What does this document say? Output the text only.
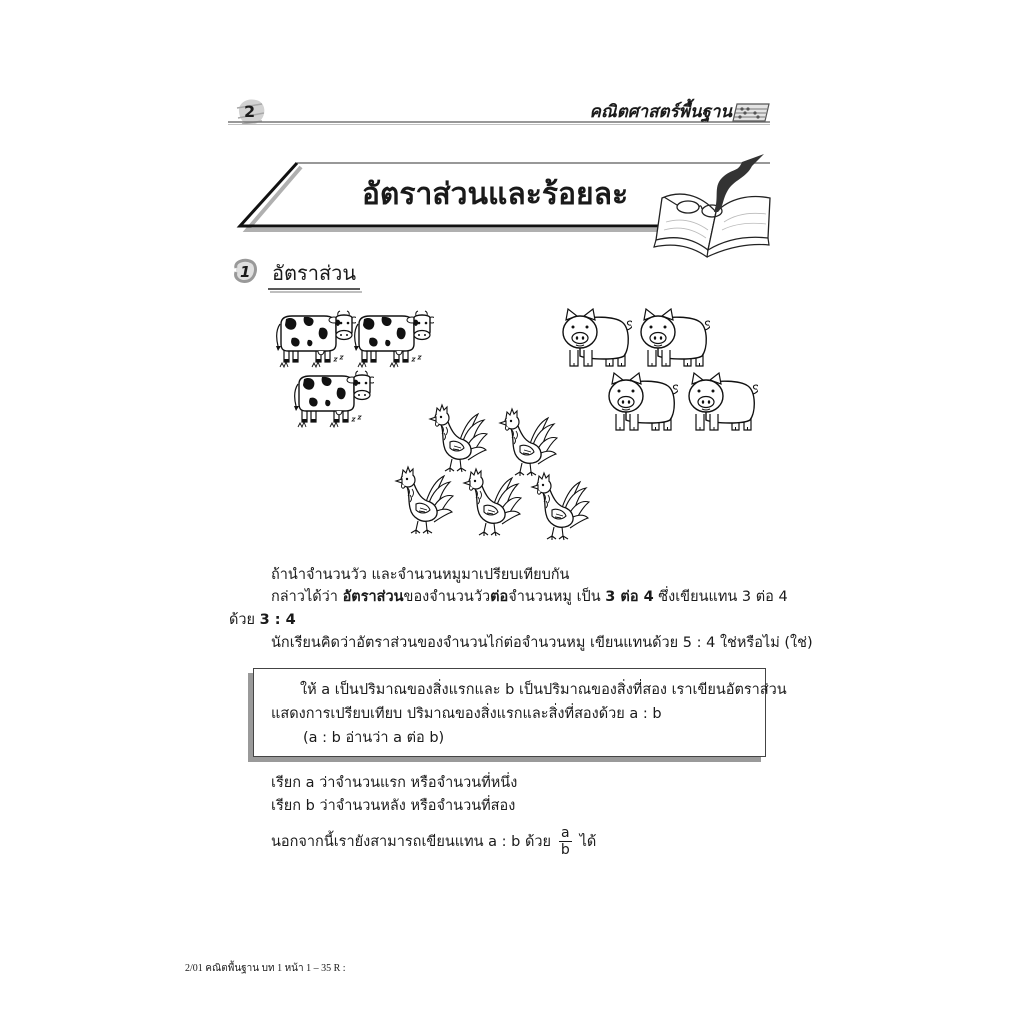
2	คณิตศาสตร์พื้นฐาน
อัตราส่วนและร้อยละ
1 อัตราส่วน
ถ้านำจำนวนวัว และจำนวนหมูมาเปรียบเทียบกัน
กล่าวได้ว่า อัตราส่วนของจำนวนวัวต่อจำนวนหมู เป็น 3 ต่อ 4 ซึ่งเขียนแทน 3 ต่อ 4
ด้วย 3 : 4
นักเรียนคิดว่าอัตราส่วนของจำนวนไก่ต่อจำนวนหมู เขียนแทนด้วย 5 : 4 ใช่หรือไม่ (ใช่)
ให้ a เป็นปริมาณของสิ่งแรกและ b เป็นปริมาณของสิ่งที่สอง เราเขียนอัตราส่วน
แสดงการเปรียบเทียบ ปริมาณของสิ่งแรกและสิ่งที่สองด้วย a : b
(a : b อ่านว่า a ต่อ b)
เรียก a ว่าจำนวนแรก หรือจำนวนที่หนึ่ง
เรียก b ว่าจำนวนหลัง หรือจำนวนที่สอง
นอกจากนี้เรายังสามารถเขียนแทน a : b ด้วย $\frac{a}{b}$ ได้
2/01 คณิตพื้นฐาน บท 1 หน้า 1 – 35 R :
